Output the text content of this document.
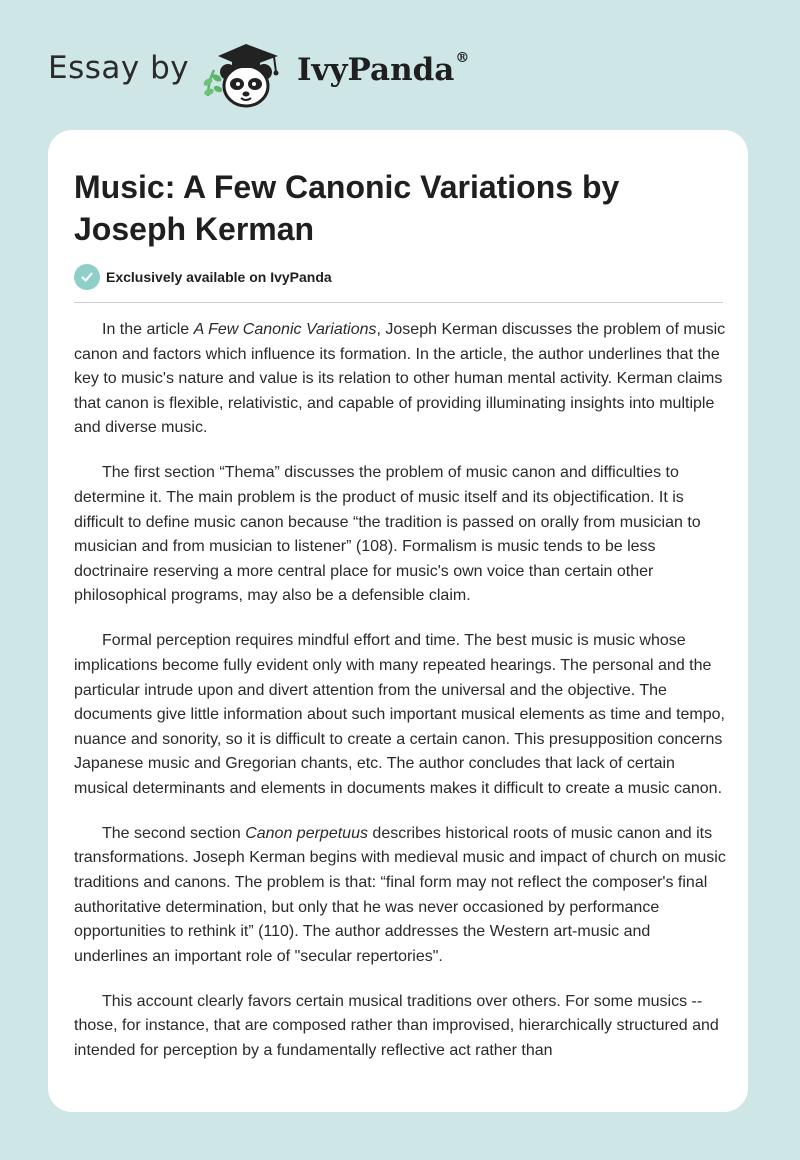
Essay by	IvyPanda®
Music: A Few Canonic Variations by Joseph Kerman
Exclusively available on IvyPanda

In the article A Few Canonic Variations, Joseph Kerman discusses the problem of music canon and factors which influence its formation. In the article, the author underlines that the key to music's nature and value is its relation to other human mental activity. Kerman claims that canon is flexible, relativistic, and capable of providing illuminating insights into multiple and diverse music.

The first section “Thema” discusses the problem of music canon and difficulties to determine it. The main problem is the product of music itself and its objectification. It is difficult to define music canon because “the tradition is passed on orally from musician to musician and from musician to listener” (108). Formalism is music tends to be less doctrinaire reserving a more central place for music's own voice than certain other philosophical programs, may also be a defensible claim.

Formal perception requires mindful effort and time. The best music is music whose implications become fully evident only with many repeated hearings. The personal and the particular intrude upon and divert attention from the universal and the objective. The documents give little information about such important musical elements as time and tempo, nuance and sonority, so it is difficult to create a certain canon. This presupposition concerns Japanese music and Gregorian chants, etc. The author concludes that lack of certain musical determinants and elements in documents makes it difficult to create a music canon.

The second section Canon perpetuus describes historical roots of music canon and its transformations. Joseph Kerman begins with medieval music and impact of church on music traditions and canons. The problem is that: “final form may not reflect the composer's final authoritative determination, but only that he was never occasioned by performance opportunities to rethink it” (110). The author addresses the Western art-music and underlines an important role of "secular repertories".

This account clearly favors certain musical traditions over others. For some musics -- those, for instance, that are composed rather than improvised, hierarchically structured and intended for perception by a fundamentally reflective act rather than
